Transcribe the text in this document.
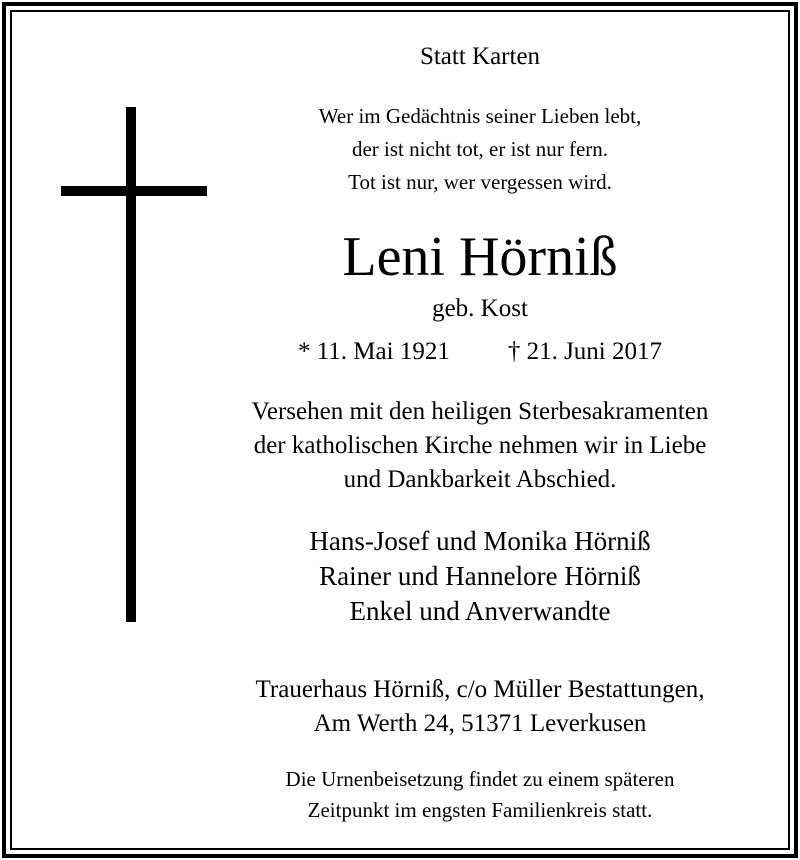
Statt Karten
Wer im Gedächtnis seiner Lieben lebt,
der ist nicht tot, er ist nur fern.
Tot ist nur, wer vergessen wird.
Leni Hörniß
geb. Kost
* 11. Mai 1921 † 21. Juni 2017
Versehen mit den heiligen Sterbesakramenten
der katholischen Kirche nehmen wir in Liebe
und Dankbarkeit Abschied.
Hans-Josef und Monika Hörniß
Rainer und Hannelore Hörniß
Enkel und Anverwandte
Trauerhaus Hörniß, c/o Müller Bestattungen,
Am Werth 24, 51371 Leverkusen
Die Urnenbeisetzung findet zu einem späteren
Zeitpunkt im engsten Familienkreis statt.
